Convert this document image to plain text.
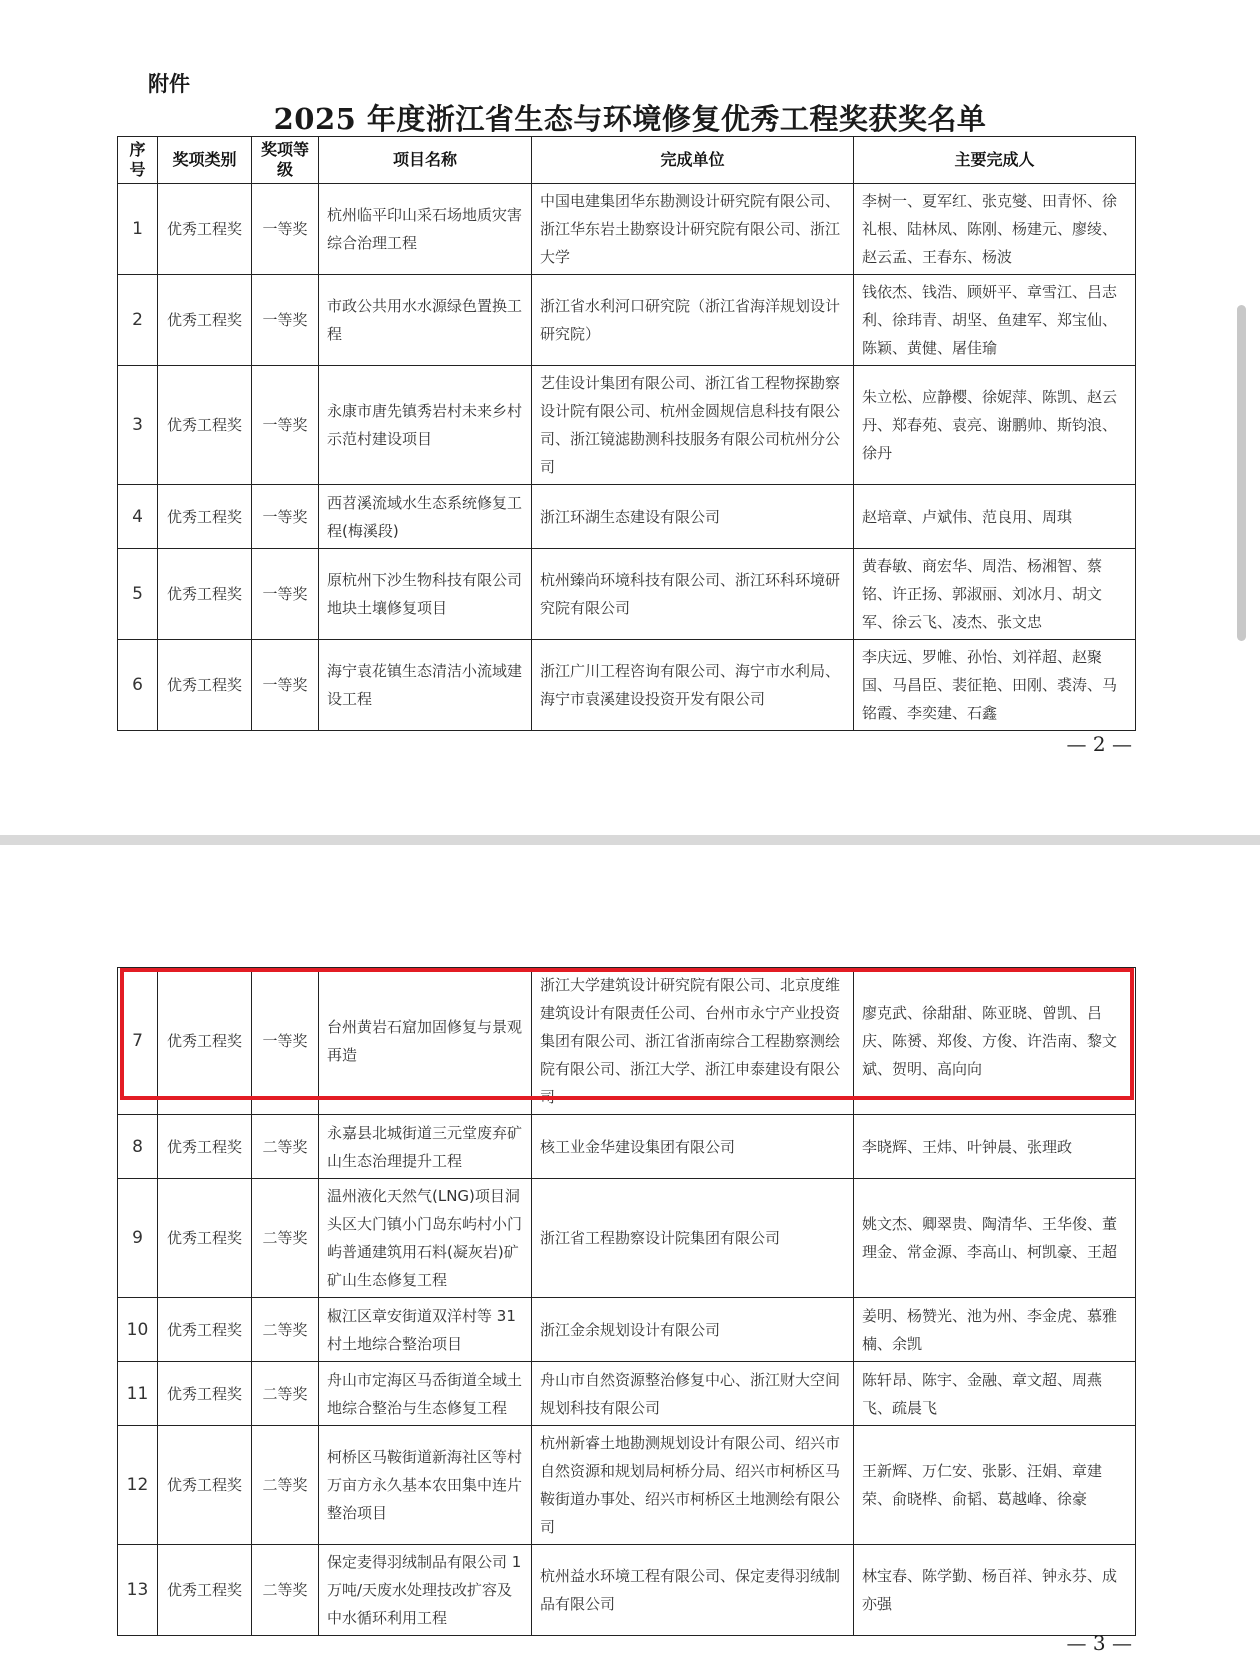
附件
2025 年度浙江省生态与环境修复优秀工程奖获奖名单
序号	奖项类别	奖项等级	项目名称	完成单位	主要完成人
1	优秀工程奖	一等奖	杭州临平印山采石场地质灾害综合治理工程	中国电建集团华东勘测设计研究院有限公司、浙江华东岩土勘察设计研究院有限公司、浙江大学	李树一、夏军红、张克燮、田青怀、徐礼根、陆林凤、陈刚、杨建元、廖绫、赵云孟、王春东、杨波
2	优秀工程奖	一等奖	市政公共用水水源绿色置换工程	浙江省水利河口研究院（浙江省海洋规划设计研究院）	钱依杰、钱浩、顾妍平、章雪江、吕志利、徐玮青、胡坚、鱼建军、郑宝仙、陈颖、黄健、屠佳瑜
3	优秀工程奖	一等奖	永康市唐先镇秀岩村未来乡村示范村建设项目	艺佳设计集团有限公司、浙江省工程物探勘察设计院有限公司、杭州金圆规信息科技有限公司、浙江镜滤勘测科技服务有限公司杭州分公司	朱立松、应静樱、徐妮萍、陈凯、赵云丹、郑春苑、袁亮、谢鹏帅、斯钧浪、徐丹
4	优秀工程奖	一等奖	西苕溪流域水生态系统修复工程(梅溪段)	浙江环湖生态建设有限公司	赵培章、卢斌伟、范良用、周琪
5	优秀工程奖	一等奖	原杭州下沙生物科技有限公司地块土壤修复项目	杭州臻尚环境科技有限公司、浙江环科环境研究院有限公司	黄春敏、商宏华、周浩、杨湘智、蔡铭、许正扬、郭淑丽、刘冰月、胡文军、徐云飞、凌杰、张文忠
6	优秀工程奖	一等奖	海宁袁花镇生态清洁小流域建设工程	浙江广川工程咨询有限公司、海宁市水利局、海宁市袁溪建设投资开发有限公司	李庆远、罗帷、孙怡、刘祥超、赵聚国、马昌臣、裴征艳、田刚、裘涛、马铭霞、李奕建、石鑫
— 2 —
— 3 —
7	优秀工程奖	一等奖	台州黄岩石窟加固修复与景观再造	浙江大学建筑设计研究院有限公司、北京度维建筑设计有限责任公司、台州市永宁产业投资集团有限公司、浙江省浙南综合工程勘察测绘院有限公司、浙江大学、浙江申泰建设有限公司	廖克武、徐甜甜、陈亚晓、曾凯、吕庆、陈赟、郑俊、方俊、许浩南、黎文斌、贺明、高向向
8	优秀工程奖	二等奖	永嘉县北城街道三元堂废弃矿山生态治理提升工程	核工业金华建设集团有限公司	李晓辉、王炜、叶钟晨、张理政
9	优秀工程奖	二等奖	温州液化天然气(LNG)项目洞头区大门镇小门岛东屿村小门屿普通建筑用石料(凝灰岩)矿矿山生态修复工程	浙江省工程勘察设计院集团有限公司	姚文杰、卿翠贵、陶清华、王华俊、董理金、常金源、李高山、柯凯豪、王超
10	优秀工程奖	二等奖	椒江区章安街道双洋村等 31 村土地综合整治项目	浙江金余规划设计有限公司	姜明、杨赞光、池为州、李金虎、慕雅楠、余凯
11	优秀工程奖	二等奖	舟山市定海区马岙街道全域土地综合整治与生态修复工程	舟山市自然资源整治修复中心、浙江财大空间规划科技有限公司	陈轩昂、陈宇、金融、章文超、周燕飞、疏晨飞
12	优秀工程奖	二等奖	柯桥区马鞍街道新海社区等村万亩方永久基本农田集中连片整治项目	杭州新睿土地勘测规划设计有限公司、绍兴市自然资源和规划局柯桥分局、绍兴市柯桥区马鞍街道办事处、绍兴市柯桥区土地测绘有限公司	王新辉、万仁安、张影、汪娟、章建荣、俞晓桦、俞韬、葛越峰、徐豪
13	优秀工程奖	二等奖	保定麦得羽绒制品有限公司 1 万吨/天废水处理技改扩容及中水循环利用工程	杭州益水环境工程有限公司、保定麦得羽绒制品有限公司	林宝春、陈学勤、杨百祥、钟永芬、成亦强
